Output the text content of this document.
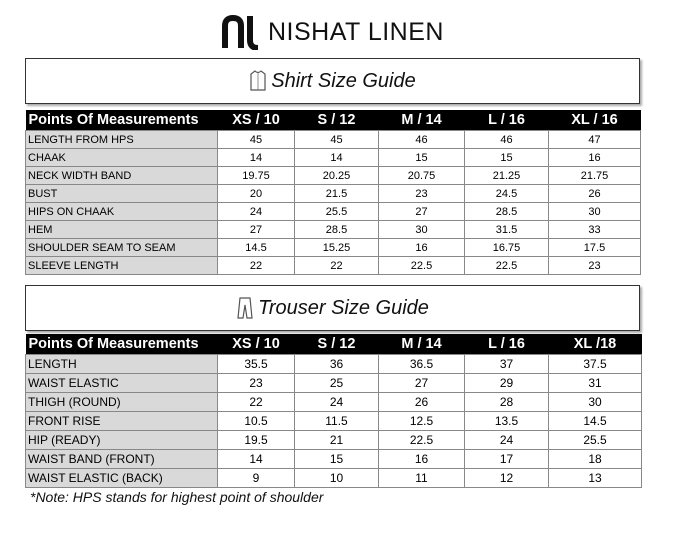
NISHAT LINEN
Shirt Size Guide
Points Of Measurements	XS / 10	S / 12	M / 14	L / 16	XL / 16
LENGTH FROM HPS	45	45	46	46	47
CHAAK	14	14	15	15	16
NECK WIDTH BAND	19.75	20.25	20.75	21.25	21.75
BUST	20	21.5	23	24.5	26
HIPS ON CHAAK	24	25.5	27	28.5	30
HEM	27	28.5	30	31.5	33
SHOULDER SEAM TO SEAM	14.5	15.25	16	16.75	17.5
SLEEVE LENGTH	22	22	22.5	22.5	23
Trouser Size Guide
Points Of Measurements	XS / 10	S / 12	M / 14	L / 16	XL /18
LENGTH	35.5	36	36.5	37	37.5
WAIST ELASTIC	23	25	27	29	31
THIGH (ROUND)	22	24	26	28	30
FRONT RISE	10.5	11.5	12.5	13.5	14.5
HIP (READY)	19.5	21	22.5	24	25.5
WAIST BAND (FRONT)	14	15	16	17	18
WAIST ELASTIC (BACK)	9	10	11	12	13
*Note: HPS stands for highest point of shoulder
